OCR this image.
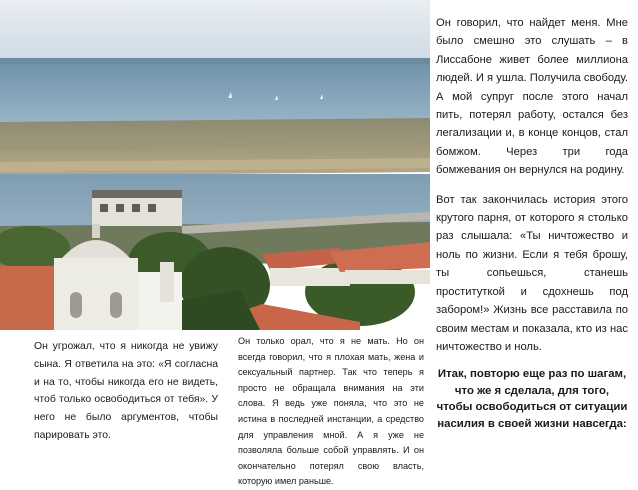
Он говорил, что найдет меня. Мне было смешно это слушать – в Лиссабоне живет более миллиона людей. И я ушла. Получила свободу. А мой супруг после этого начал пить, потерял работу, остался без легализации и, в конце концов, стал бомжом. Через три года бомжевания он вернулся на родину.

Вот так закончилась история этого крутого парня, от которого я столько раз слышала: «Ты ничтожество и ноль по жизни. Если я тебя брошу, ты сопьешься, станешь проституткой и сдохнешь под забором!» Жизнь все расставила по своим местам и показала, кто из нас ничтожество и ноль.

Итак, повторю еще раз по шагам, что же я сделала, для того, чтобы освободиться от ситуации насилия в своей жизни навсегда:

Он угрожал, что я никогда не увижу сына. Я ответила на это: «Я согласна и на то, чтобы никогда его не видеть, чтоб только освободиться от тебя». У него не было аргументов, чтобы парировать это.

Он только орал, что я не мать. Но он всегда говорил, что я плохая мать, жена и сексуальный партнер. Так что теперь я просто не обращала внимания на эти слова. Я ведь уже поняла, что это не истина в последней инстанции, а средство для управления мной. А я уже не позволяла больше собой управлять. И он окончательно потерял свою власть, которую имел раньше.
